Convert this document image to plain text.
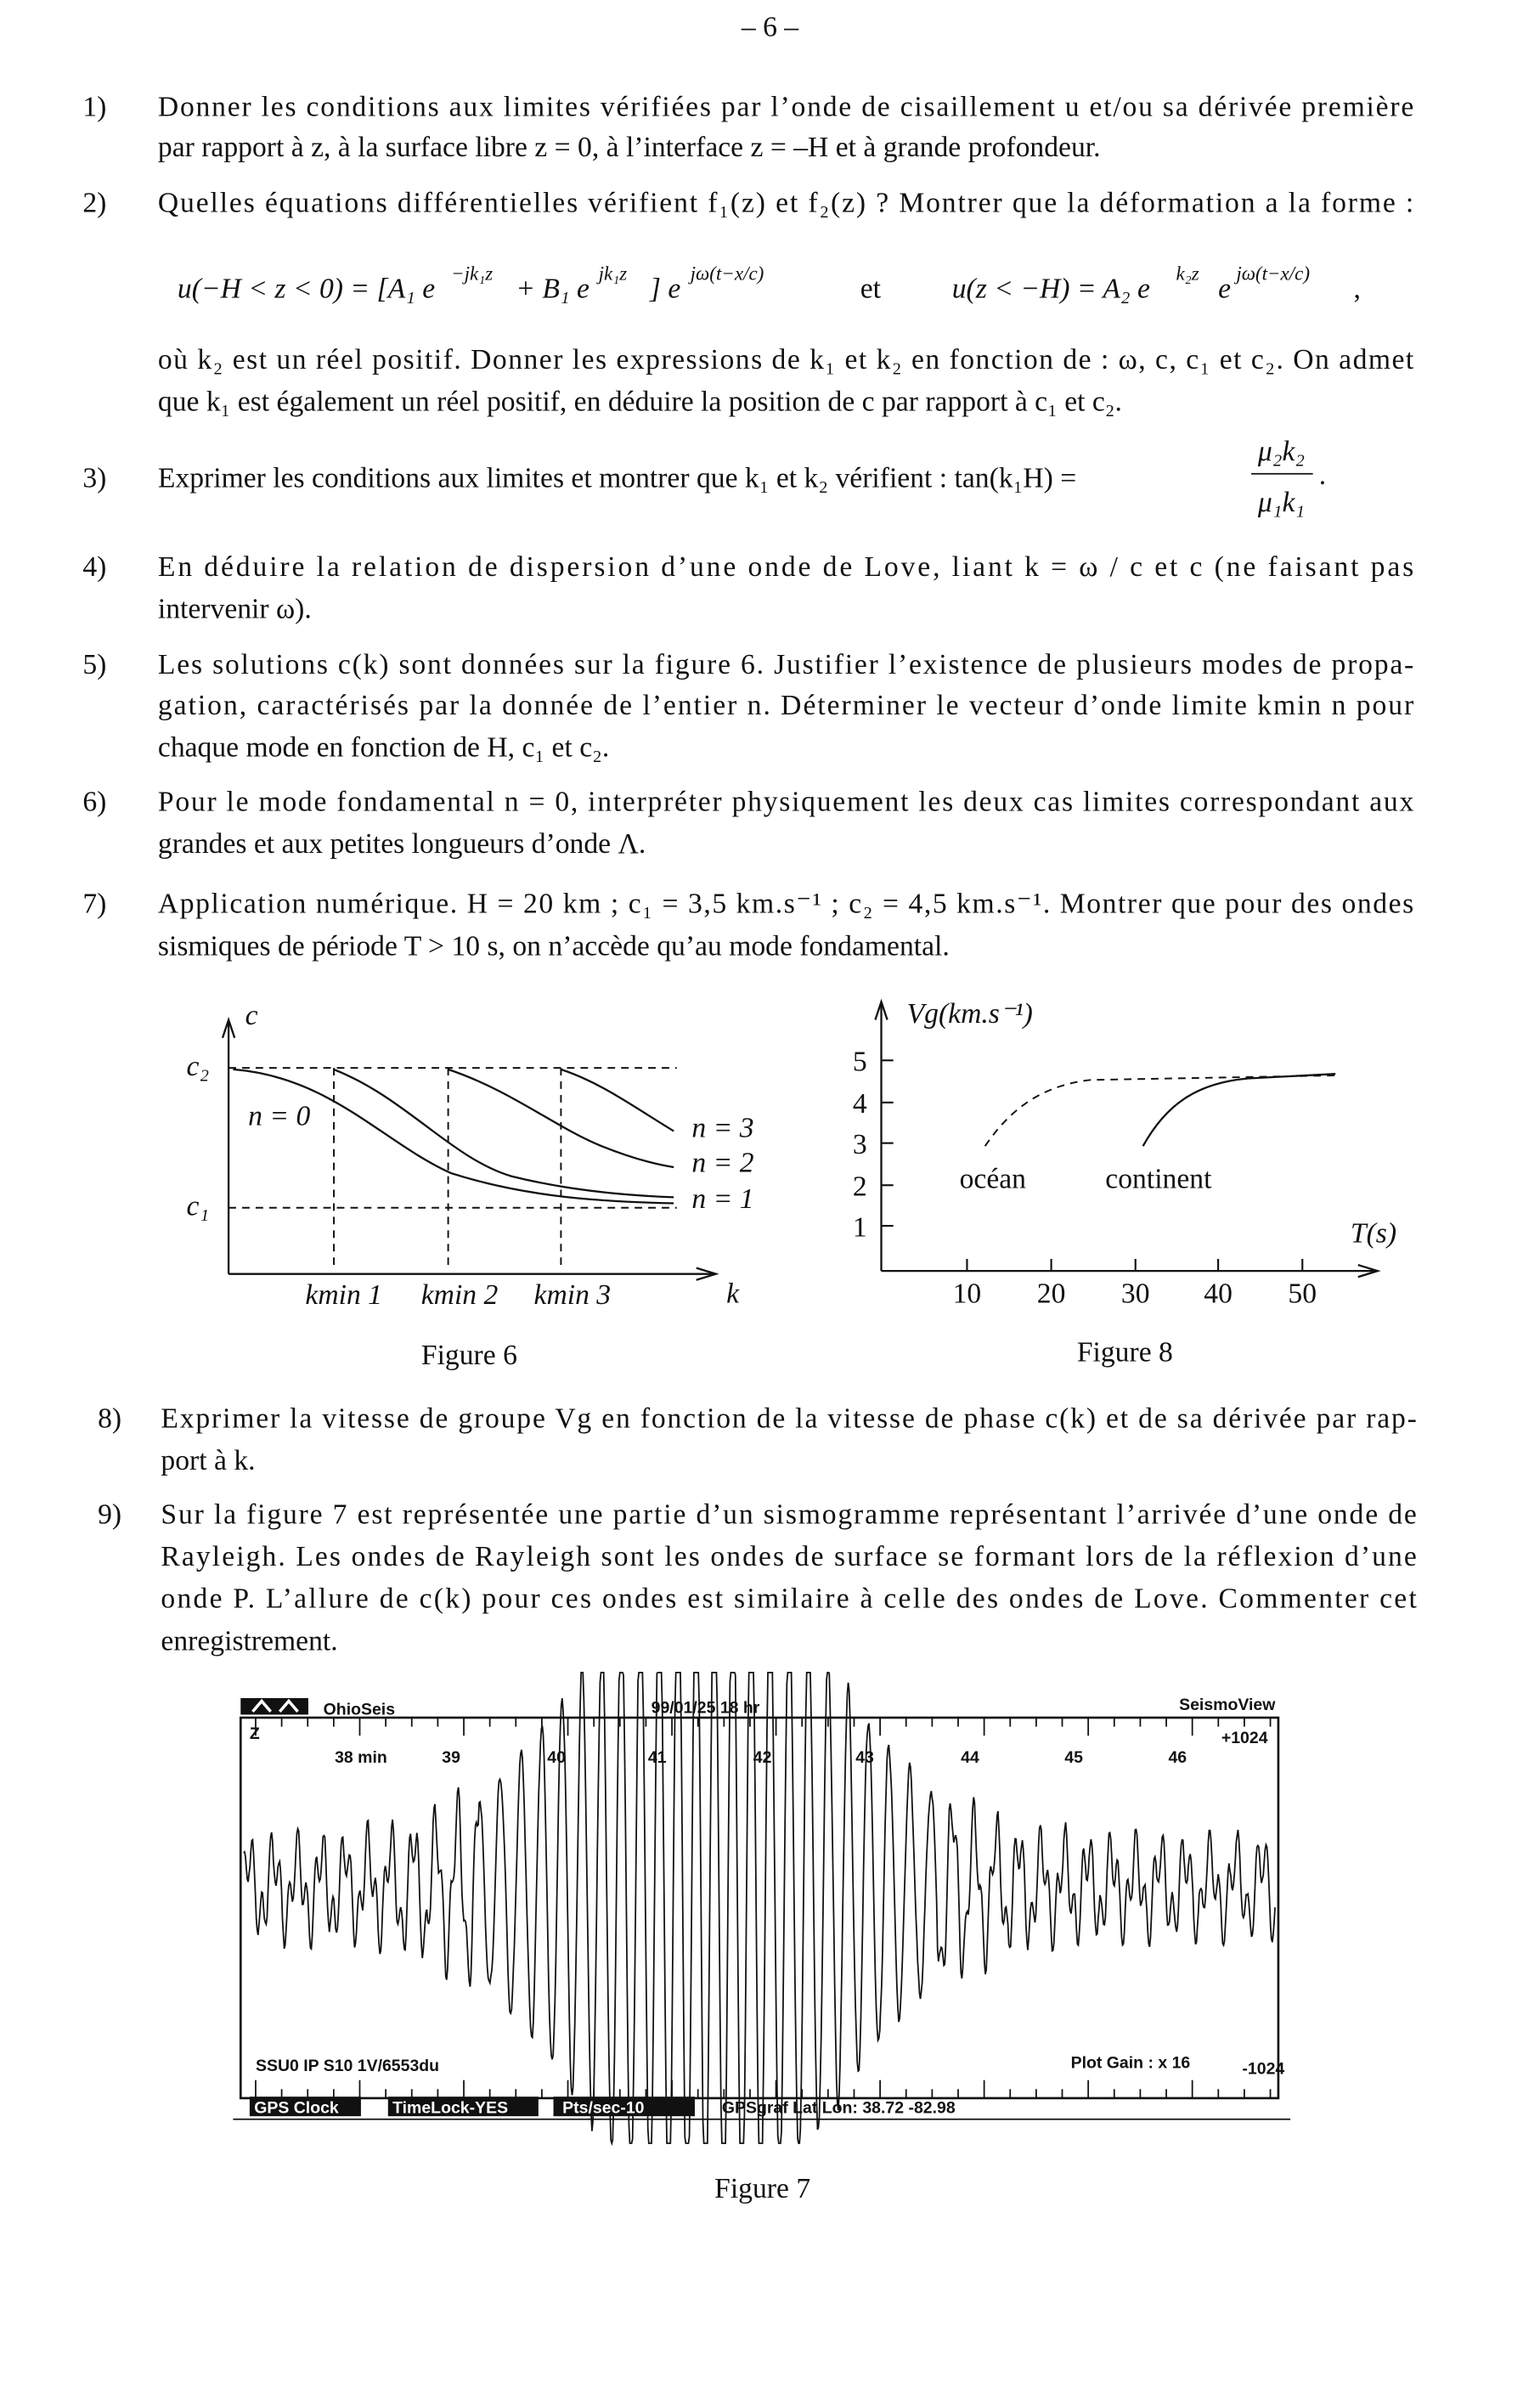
– 6 –
1)	Donner les conditions aux limites vérifiées par l’onde de cisaillement u et/ou sa dérivée première
par rapport à z, à la surface libre z = 0, à l’interface z = –H et à grande profondeur.
2)	Quelles équations différentielles vérifient f₁(z) et f₂(z) ? Montrer que la déformation a la forme :
u(−H < z < 0) = [A₁ e
−jk₁z
+ B₁ e
jk₁z
] e
jω(t−x/c)
et	u(z < −H) = A₂ e
k₂z
e
jω(t−x/c)
,
où k₂ est un réel positif. Donner les expressions de k₁ et k₂ en fonction de : ω, c, c₁ et c₂. On admet
que k₁ est également un réel positif, en déduire la position de c par rapport à c₁ et c₂.
3)	Exprimer les conditions aux limites et montrer que k₁ et k₂ vérifient : tan(k₁H) =
μ₂k₂
μ₁k₁
.
4)	En déduire la relation de dispersion d’une onde de Love, liant k = ω / c et c (ne faisant pas
intervenir ω).
5)	Les solutions c(k) sont données sur la figure 6. Justifier l’existence de plusieurs modes de propa-
gation, caractérisés par la donnée de l’entier n. Déterminer le vecteur d’onde limite kmin n pour
chaque mode en fonction de H, c₁ et c₂.
6)	Pour le mode fondamental n = 0, interpréter physiquement les deux cas limites correspondant aux
grandes et aux petites longueurs d’onde Λ.
7)	Application numérique. H = 20 km ; c₁ = 3,5 km.s⁻¹ ; c₂ = 4,5 km.s⁻¹. Montrer que pour des ondes
sismiques de période T > 10 s, on n’accède qu’au mode fondamental.
c
c₂
c₁
n = 0
n = 1
n = 2
n = 3
kmin 1 kmin 2 kmin 3	k
Figure 6
Vg(km.s⁻¹)
océan	continent
T(s)
5
4
3
2
1
10	20	30	40	50
Figure 8
8) Exprimer la vitesse de groupe Vg en fonction de la vitesse de phase c(k) et de sa dérivée par rap-
port à k.
9) Sur la figure 7 est représentée une partie d’un sismogramme représentant l’arrivée d’une onde de
Rayleigh. Les ondes de Rayleigh sont les ondes de surface se formant lors de la réflexion d’une
onde P. L’allure de c(k) pour ces ondes est similaire à celle des ondes de Love. Commenter cet
enregistrement.
OhioSeis	SeismoView
99/01/25 18 hr
Z	+1024
38 min	39	40	41	42	43	44	45	46
SSU0 IP S10 1V/6553du	Plot Gain : x 16	-1024
GPS Clock	TimeLock-YES	Pts/sec-10	GPSgraf Lat Lon: 38.72 -82.98
Figure 7
